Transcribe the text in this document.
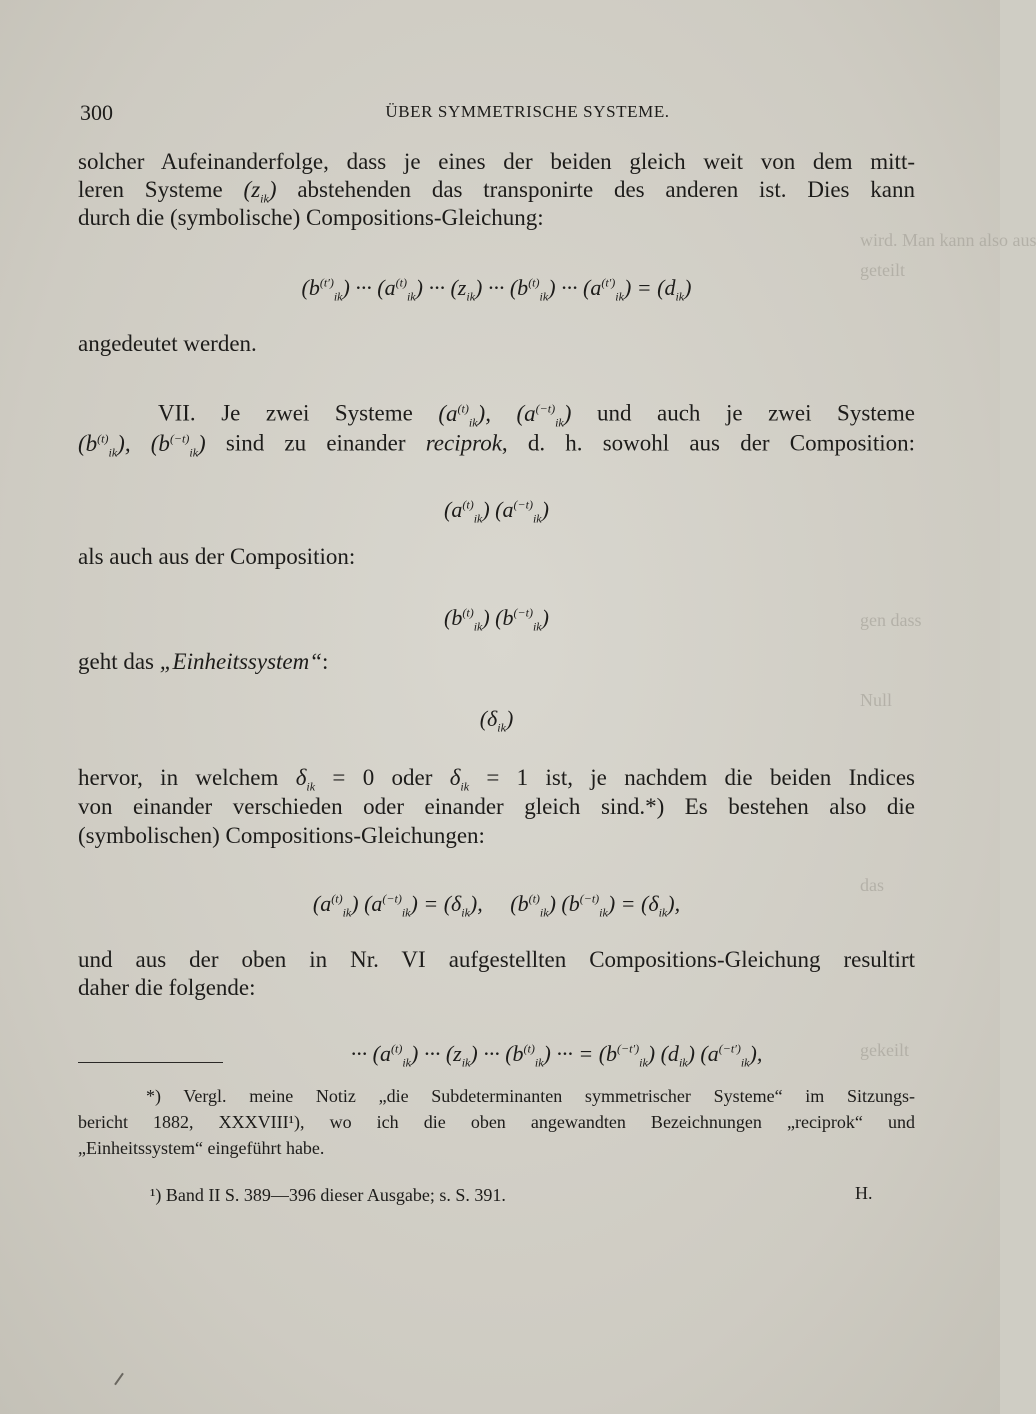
wird. Man kann also aus
geteilt
gen dass
Null
das
gekeilt
300	ÜBER SYMMETRISCHE SYSTEME.
solcher Aufeinanderfolge, dass je eines der beiden gleich weit von dem mitt-
leren Systeme $(z_{ik})$ abstehenden das transponirte des anderen ist. Dies kann
durch die (symbolische) Compositions-Gleichung:
$(b^{(t')}_{ik})$ ··· $(a^{(t)}_{ik})$ ··· $(z_{ik})$ ··· $(b^{(t)}_{ik})$ ··· $(a^{(t')}_{ik}) = (d_{ik})$
angedeutet werden.
VII. Je zwei Systeme $(a^{(t)}_{ik})$, $(a^{(-t)}_{ik})$ und auch je zwei Systeme
$(b^{(t)}_{ik})$, $(b^{(-t)}_{ik})$ sind zu einander reciprok, d. h. sowohl aus der Composition:
$(a^{(t)}_{ik})$ $(a^{(-t)}_{ik})$
als auch aus der Composition:
$(b^{(t)}_{ik})$ $(b^{(-t)}_{ik})$
geht das „Einheitssystem“:
$(\delta_{ik})$
hervor, in welchem $\delta_{ik} = 0$ oder $\delta_{ik} = 1$ ist, je nachdem die beiden Indices
von einander verschieden oder einander gleich sind.*) Es bestehen also die
(symbolischen) Compositions-Gleichungen:
$(a^{(t)}_{ik}) (a^{(-t)}_{ik}) = (\delta_{ik})$,     $(b^{(t)}_{ik}) (b^{(-t)}_{ik}) = (\delta_{ik})$,
und aus der oben in Nr. VI aufgestellten Compositions-Gleichung resultirt
daher die folgende:
··· $(a^{(t)}_{ik})$ ··· $(z_{ik})$ ··· $(b^{(t)}_{ik})$ ··· = $(b^{(-t')}_{ik})$ $(d_{ik})$ $(a^{(-t')}_{ik})$,
*) Vergl. meine Notiz „die Subdeterminanten symmetrischer Systeme“ im Sitzungs-
bericht 1882, XXXVIII¹), wo ich die oben angewandten Bezeichnungen „reciprok“ und
„Einheitssystem“ eingeführt habe.
¹) Band II S. 389—396 dieser Ausgabe; s. S. 391.	H.
